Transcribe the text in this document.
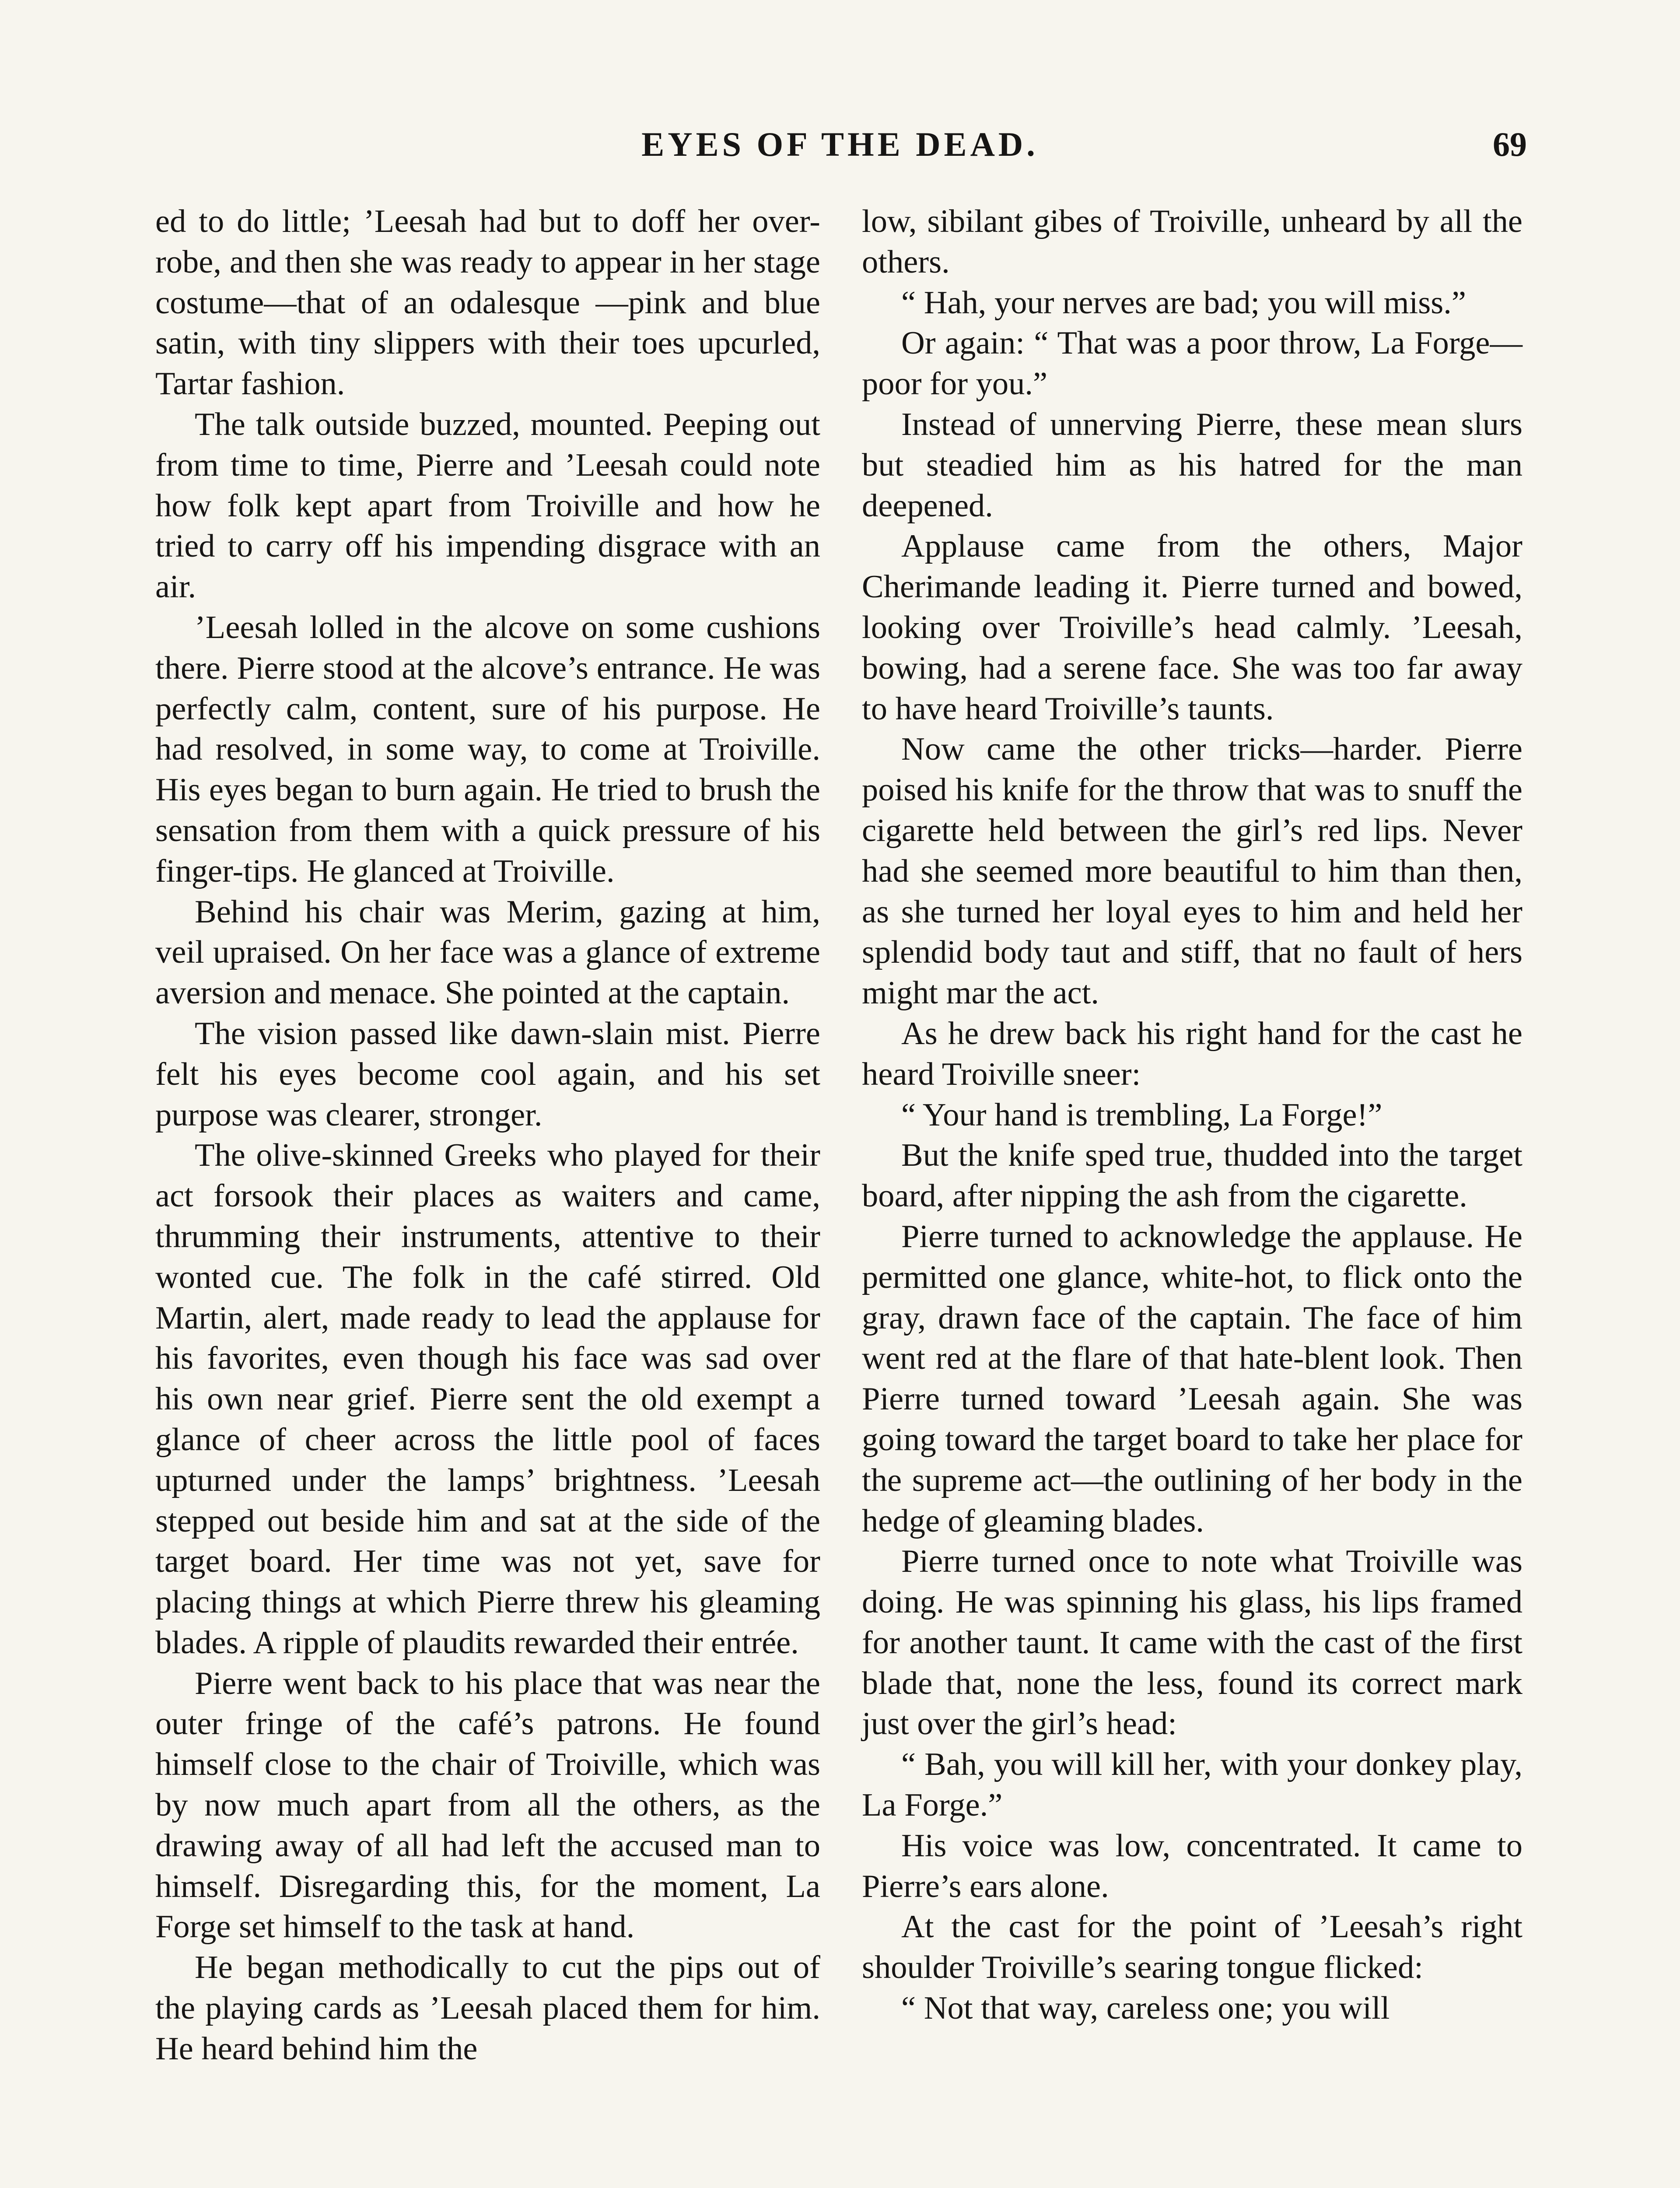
EYES OF THE DEAD.	69

ed to do little; ’Leesah had but to doff her over-robe, and then she was ready to appear in her stage costume—that of an odalesque —pink and blue satin, with tiny slippers with their toes upcurled, Tartar fashion.

The talk outside buzzed, mounted. Peeping out from time to time, Pierre and ’Leesah could note how folk kept apart from Troiville and how he tried to carry off his impending disgrace with an air.

’Leesah lolled in the alcove on some cushions there. Pierre stood at the alcove’s entrance. He was perfectly calm, content, sure of his purpose. He had resolved, in some way, to come at Troiville. His eyes began to burn again. He tried to brush the sensation from them with a quick pressure of his finger-tips. He glanced at Troiville.

Behind his chair was Merim, gazing at him, veil upraised. On her face was a glance of extreme aversion and menace. She pointed at the captain.

The vision passed like dawn-slain mist. Pierre felt his eyes become cool again, and his set purpose was clearer, stronger.

The olive-skinned Greeks who played for their act forsook their places as waiters and came, thrumming their instruments, attentive to their wonted cue. The folk in the café stirred. Old Martin, alert, made ready to lead the applause for his favorites, even though his face was sad over his own near grief. Pierre sent the old exempt a glance of cheer across the little pool of faces upturned under the lamps’ brightness. ’Leesah stepped out beside him and sat at the side of the target board. Her time was not yet, save for placing things at which Pierre threw his gleaming blades. A ripple of plaudits rewarded their entrée.

Pierre went back to his place that was near the outer fringe of the café’s patrons. He found himself close to the chair of Troiville, which was by now much apart from all the others, as the drawing away of all had left the accused man to himself. Disregarding this, for the moment, La Forge set himself to the task at hand.

He began methodically to cut the pips out of the playing cards as ’Leesah placed them for him. He heard behind him the

low, sibilant gibes of Troiville, unheard by all the others.

“ Hah, your nerves are bad; you will miss.”

Or again: “ That was a poor throw, La Forge—poor for you.”

Instead of unnerving Pierre, these mean slurs but steadied him as his hatred for the man deepened.

Applause came from the others, Major Cherimande leading it. Pierre turned and bowed, looking over Troiville’s head calmly. ’Leesah, bowing, had a serene face. She was too far away to have heard Troiville’s taunts.

Now came the other tricks—harder. Pierre poised his knife for the throw that was to snuff the cigarette held between the girl’s red lips. Never had she seemed more beautiful to him than then, as she turned her loyal eyes to him and held her splendid body taut and stiff, that no fault of hers might mar the act.

As he drew back his right hand for the cast he heard Troiville sneer:

“ Your hand is trembling, La Forge!”

But the knife sped true, thudded into the target board, after nipping the ash from the cigarette.

Pierre turned to acknowledge the applause. He permitted one glance, white-hot, to flick onto the gray, drawn face of the captain. The face of him went red at the flare of that hate-blent look. Then Pierre turned toward ’Leesah again. She was going toward the target board to take her place for the supreme act—the outlining of her body in the hedge of gleaming blades.

Pierre turned once to note what Troiville was doing. He was spinning his glass, his lips framed for another taunt. It came with the cast of the first blade that, none the less, found its correct mark just over the girl’s head:

“ Bah, you will kill her, with your donkey play, La Forge.”

His voice was low, concentrated. It came to Pierre’s ears alone.

At the cast for the point of ’Leesah’s right shoulder Troiville’s searing tongue flicked:

“ Not that way, careless one; you will
